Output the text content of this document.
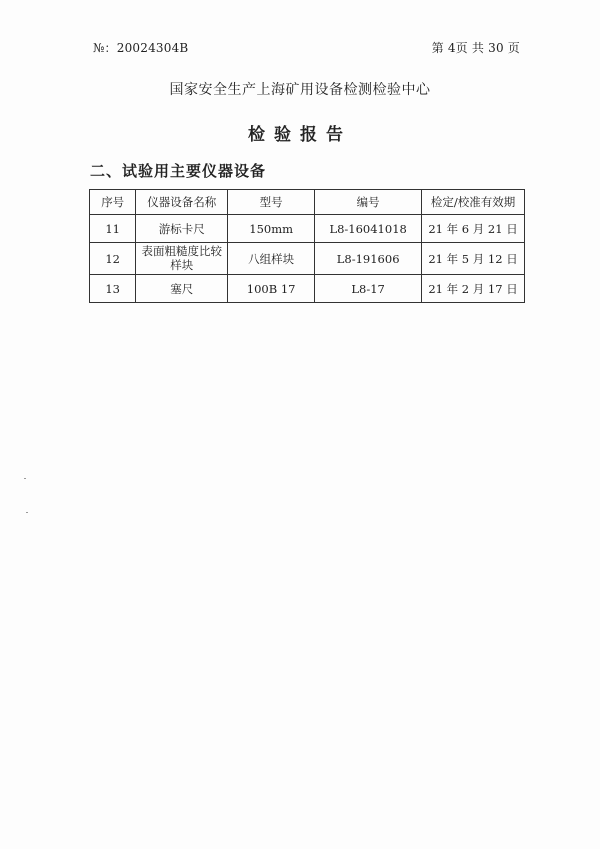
№：20024304B	第 4页 共 30 页
国家安全生产上海矿用设备检测检验中心
检验报告
二、试验用主要仪器设备
序号	仪器设备名称	型号	编号	检定/校准有效期
11	游标卡尺	150mm	L8-16041018	21 年 6 月 21 日
12	表面粗糙度比较样块	八组样块	L8-191606	21 年 5 月 12 日
13	塞尺	100B 17	L8-17	21 年 2 月 17 日
